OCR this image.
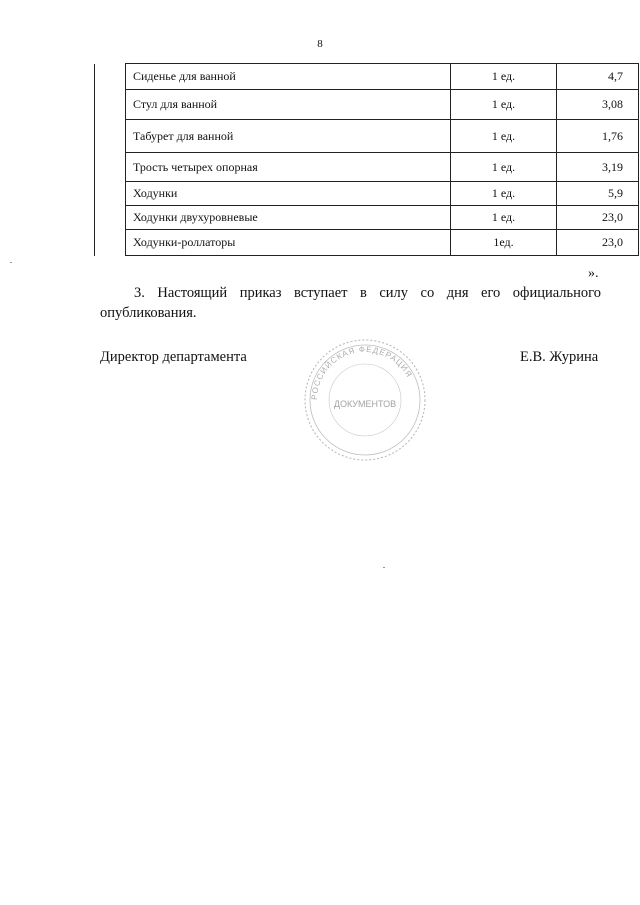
8
	Сиденье для ванной	1 ед.	4,7
	Стул для ванной	1 ед.	3,08
	Табурет для ванной	1 ед.	1,76
	Трость четырех опорная	1 ед.	3,19
	Ходунки	1 ед.	5,9
	Ходунки двухуровневые	1 ед.	23,0
	Ходунки-роллаторы	1ед.	23,0
».
3. Настоящий приказ вступает в силу со дня его официального опубликования.
Директор департамента	Е.В. Журина
РОССИЙСКАЯ ФЕДЕРАЦИЯ
ДОКУМЕНТОВ
